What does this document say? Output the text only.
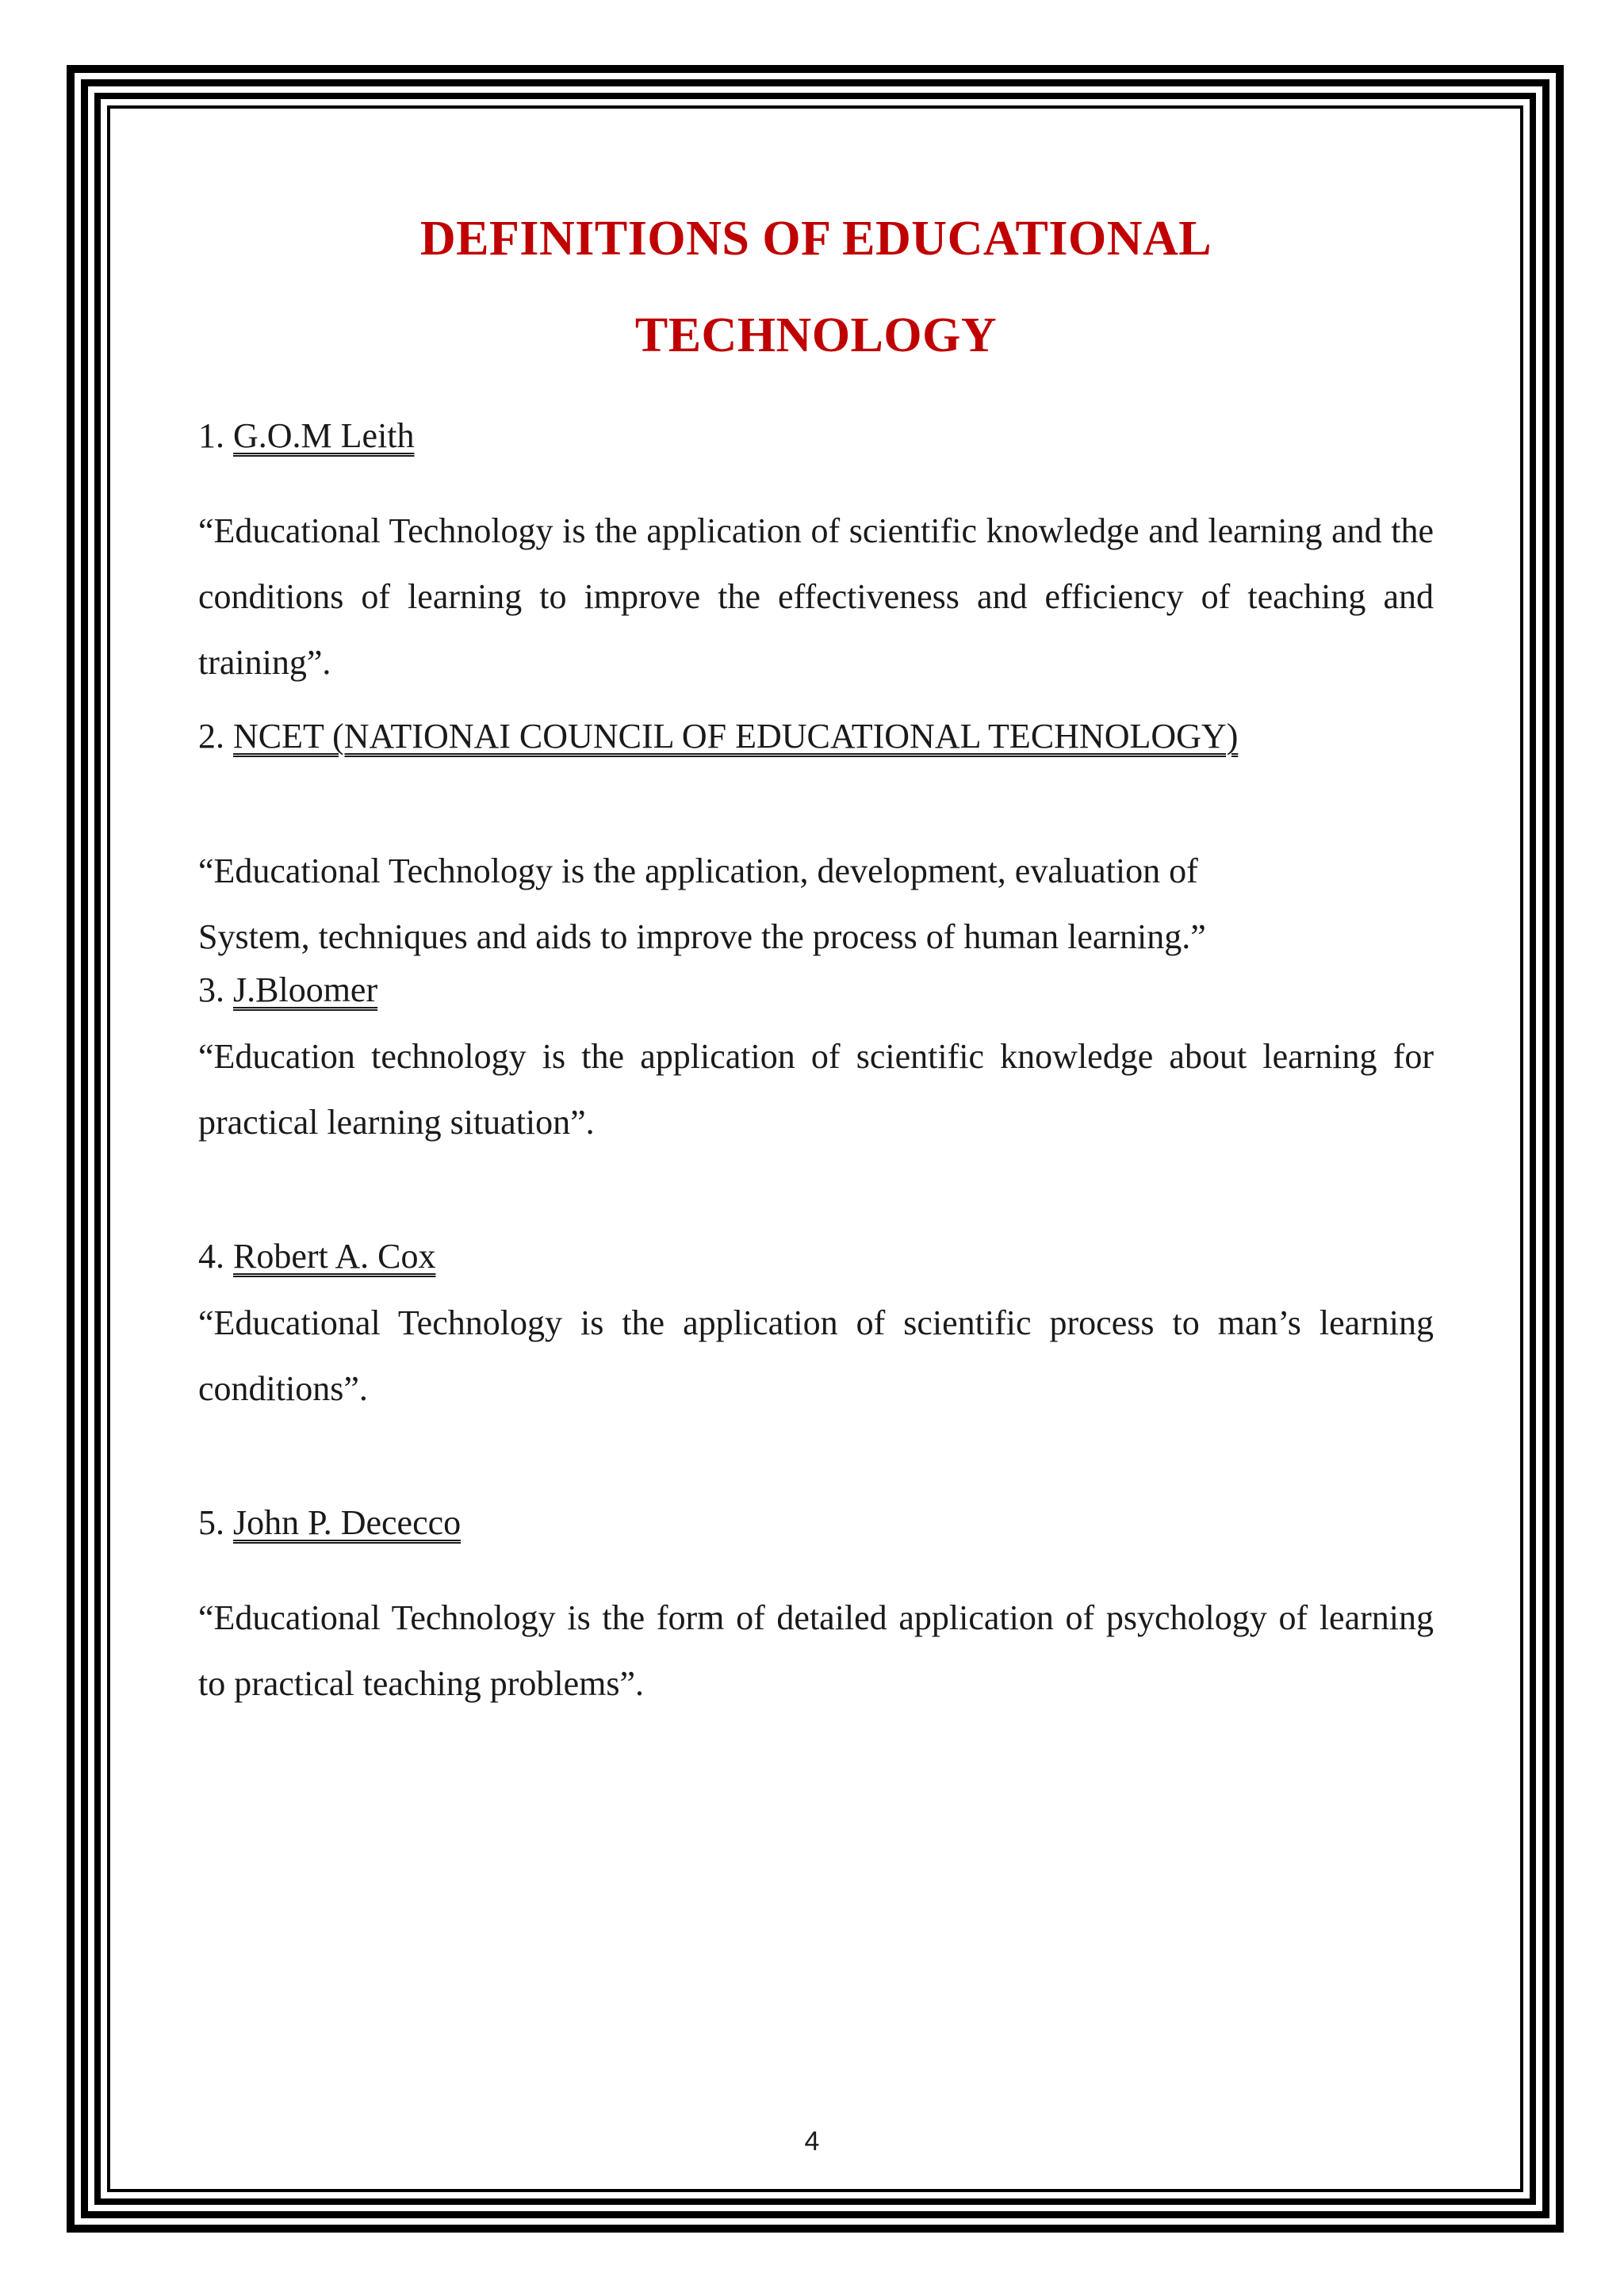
DEFINITIONS OF EDUCATIONAL
TECHNOLOGY

1. G.O.M Leith

“Educational Technology is the application of scientific knowledge and learning and the conditions of learning to improve the effectiveness and efficiency of teaching and training”.

2. NCET (NATIONAI COUNCIL OF EDUCATIONAL TECHNOLOGY)

“Educational Technology is the application, development, evaluation of
System, techniques and aids to improve the process of human learning.”

3. J.Bloomer

“Education technology is the application of scientific knowledge about learning for practical learning situation”.

4. Robert A. Cox

“Educational Technology is the application of scientific process to man’s learning conditions”.

5. John P. Dececco

“Educational Technology is the form of detailed application of psychology of learning to practical teaching problems”.

4
